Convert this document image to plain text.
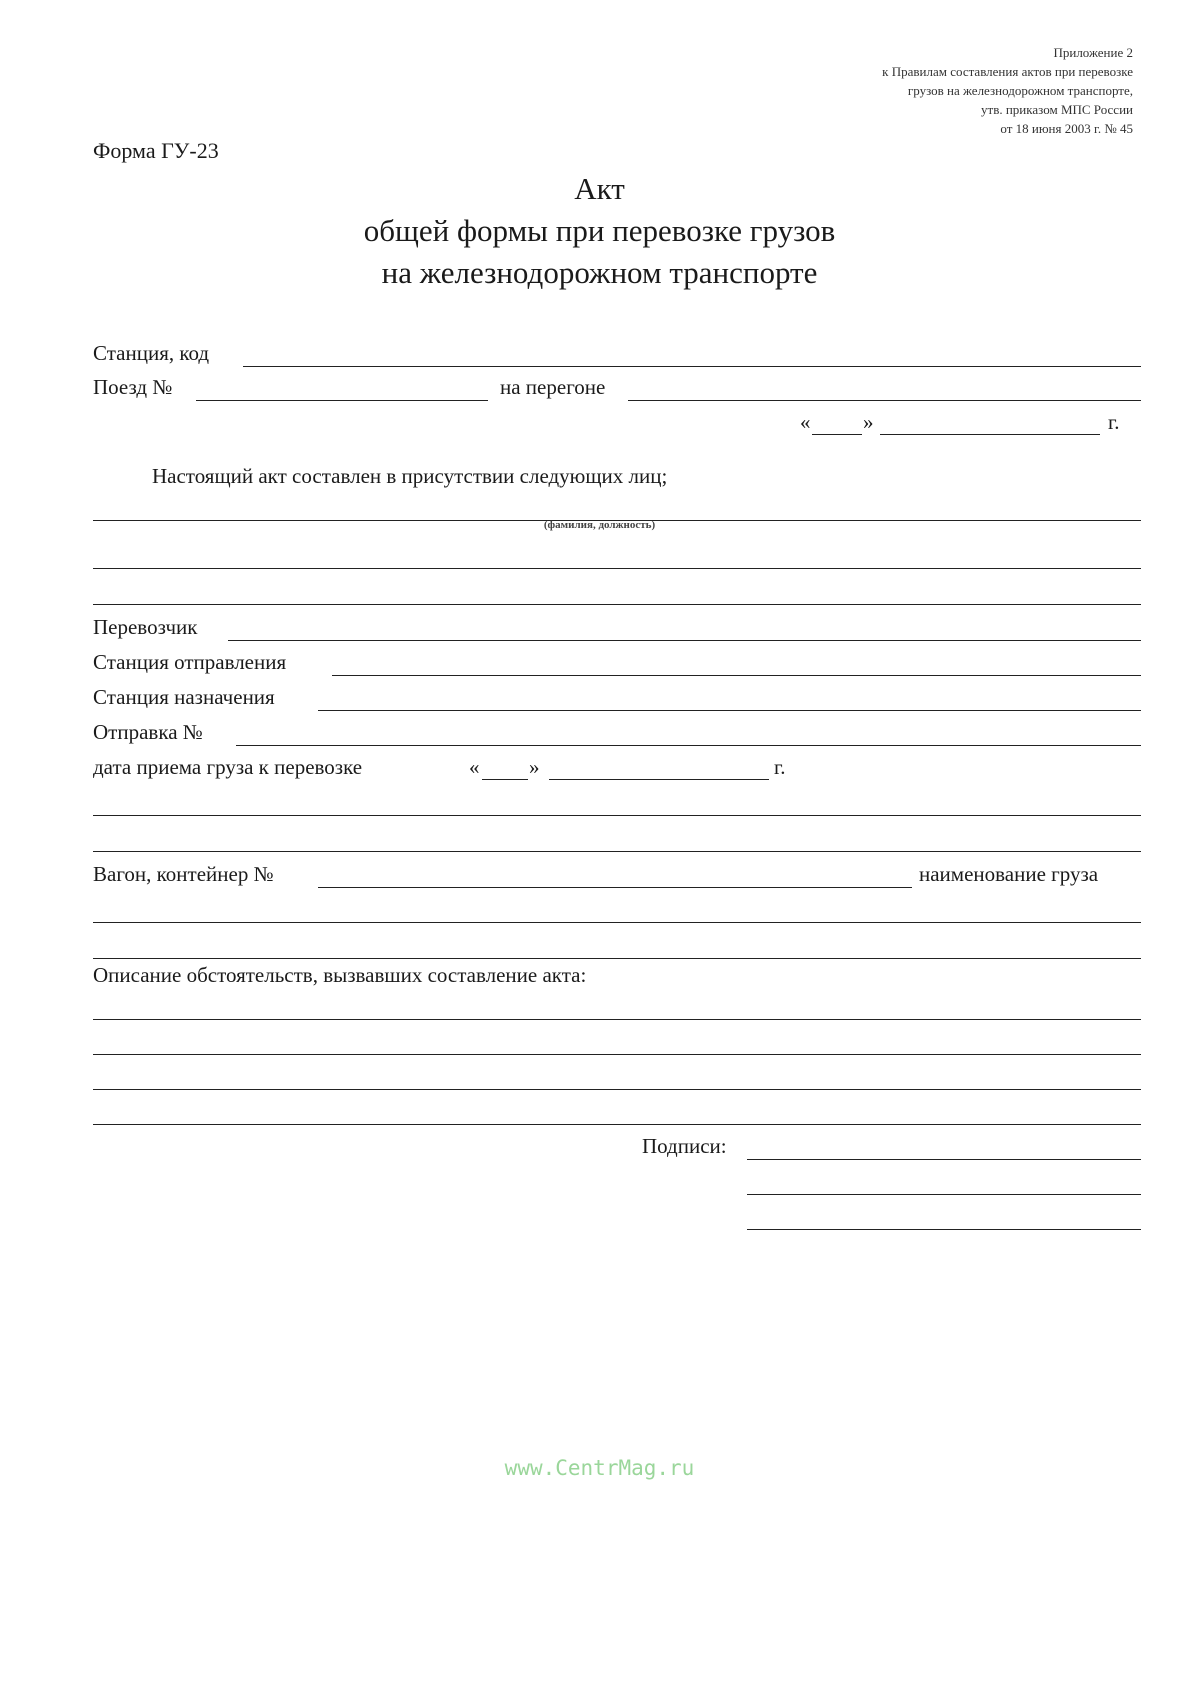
Приложение 2
к Правилам составления актов при перевозке
грузов на железнодорожном транспорте,
утв. приказом МПС России
от 18 июня 2003 г. № 45
Форма ГУ-23
Акт
общей формы при перевозке грузов
на железнодорожном транспорте
Станция, код
Поезд №	на перегоне
«	»	г.
Настоящий акт составлен в присутствии следующих лиц;
(фамилия, должность)
Перевозчик
Станция отправления
Станция назначения
Отправка №
дата приема груза к перевозке	« »	г.
Вагон, контейнер №	наименование груза
Описание обстоятельств, вызвавших составление акта:
Подписи:
www.CentrMag.ru
